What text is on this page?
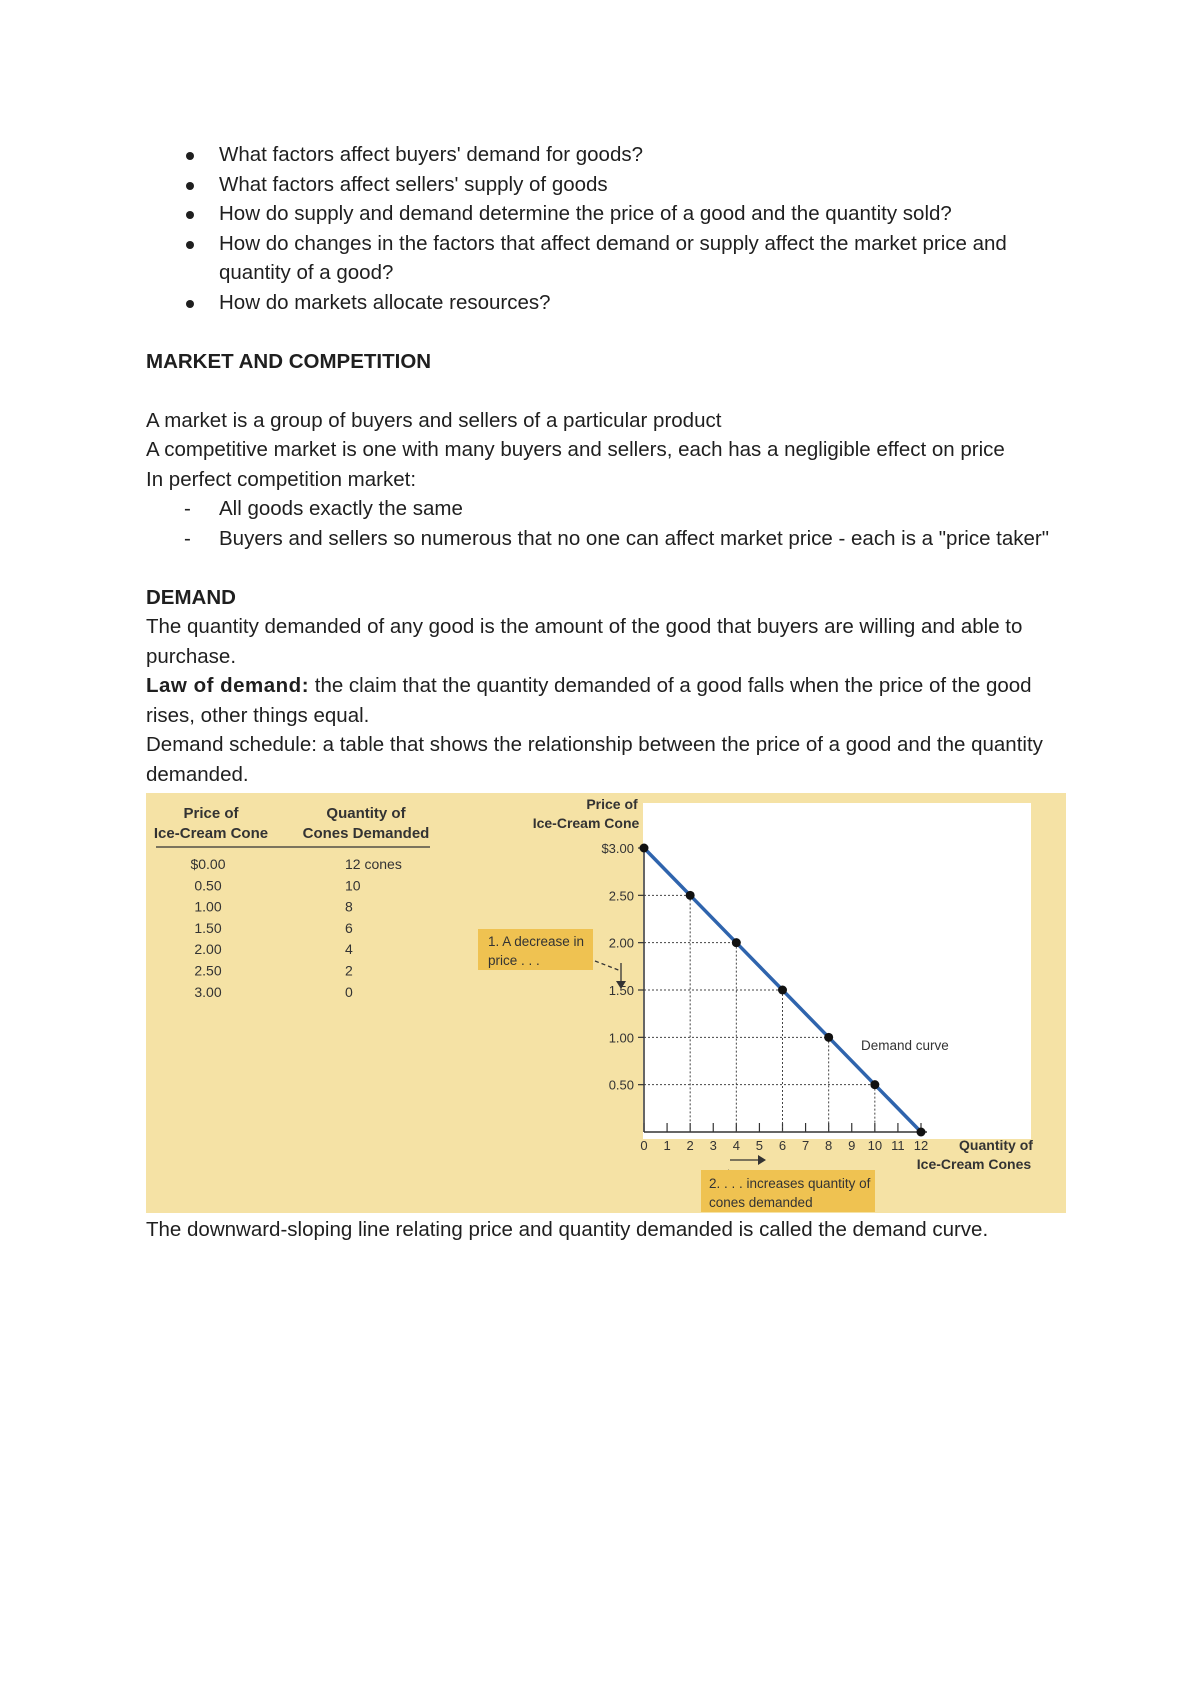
What factors affect buyers' demand for goods?
What factors affect sellers' supply of goods
How do supply and demand determine the price of a good and the quantity sold?
How do changes in the factors that affect demand or supply affect the market price and quantity of a good?
How do markets allocate resources?

MARKET AND COMPETITION

A market is a group of buyers and sellers of a particular product

A competitive market is one with many buyers and sellers, each has a negligible effect on price

In perfect competition market:

- All goods exactly the same
- Buyers and sellers so numerous that no one can affect market price - each is a "price taker"

DEMAND

The quantity demanded of any good is the amount of the good that buyers are willing and able to purchase.

Law of demand: the claim that the quantity demanded of a good falls when the price of the good rises, other things equal.

Demand schedule: a table that shows the relationship between the price of a good and the quantity demanded.

Price of
Ice-Cream Cone
Quantity of
Cones Demanded
$0.00	12 cones
0.50	10
1.00	8
1.50	6
2.00	4
2.50	2
3.00	0
1. A decrease in
price . . .
2. . . . increases quantity of
cones demanded
$3.00
2.50
2.00
1.50
1.00
0.50
0 1 2 3 4 5 6 7 8 9 10 11 12
Price of
Ice-Cream Cone
Quantity of
Ice-Cream Cones
Demand curve

The downward-sloping line relating price and quantity demanded is called the demand curve.
